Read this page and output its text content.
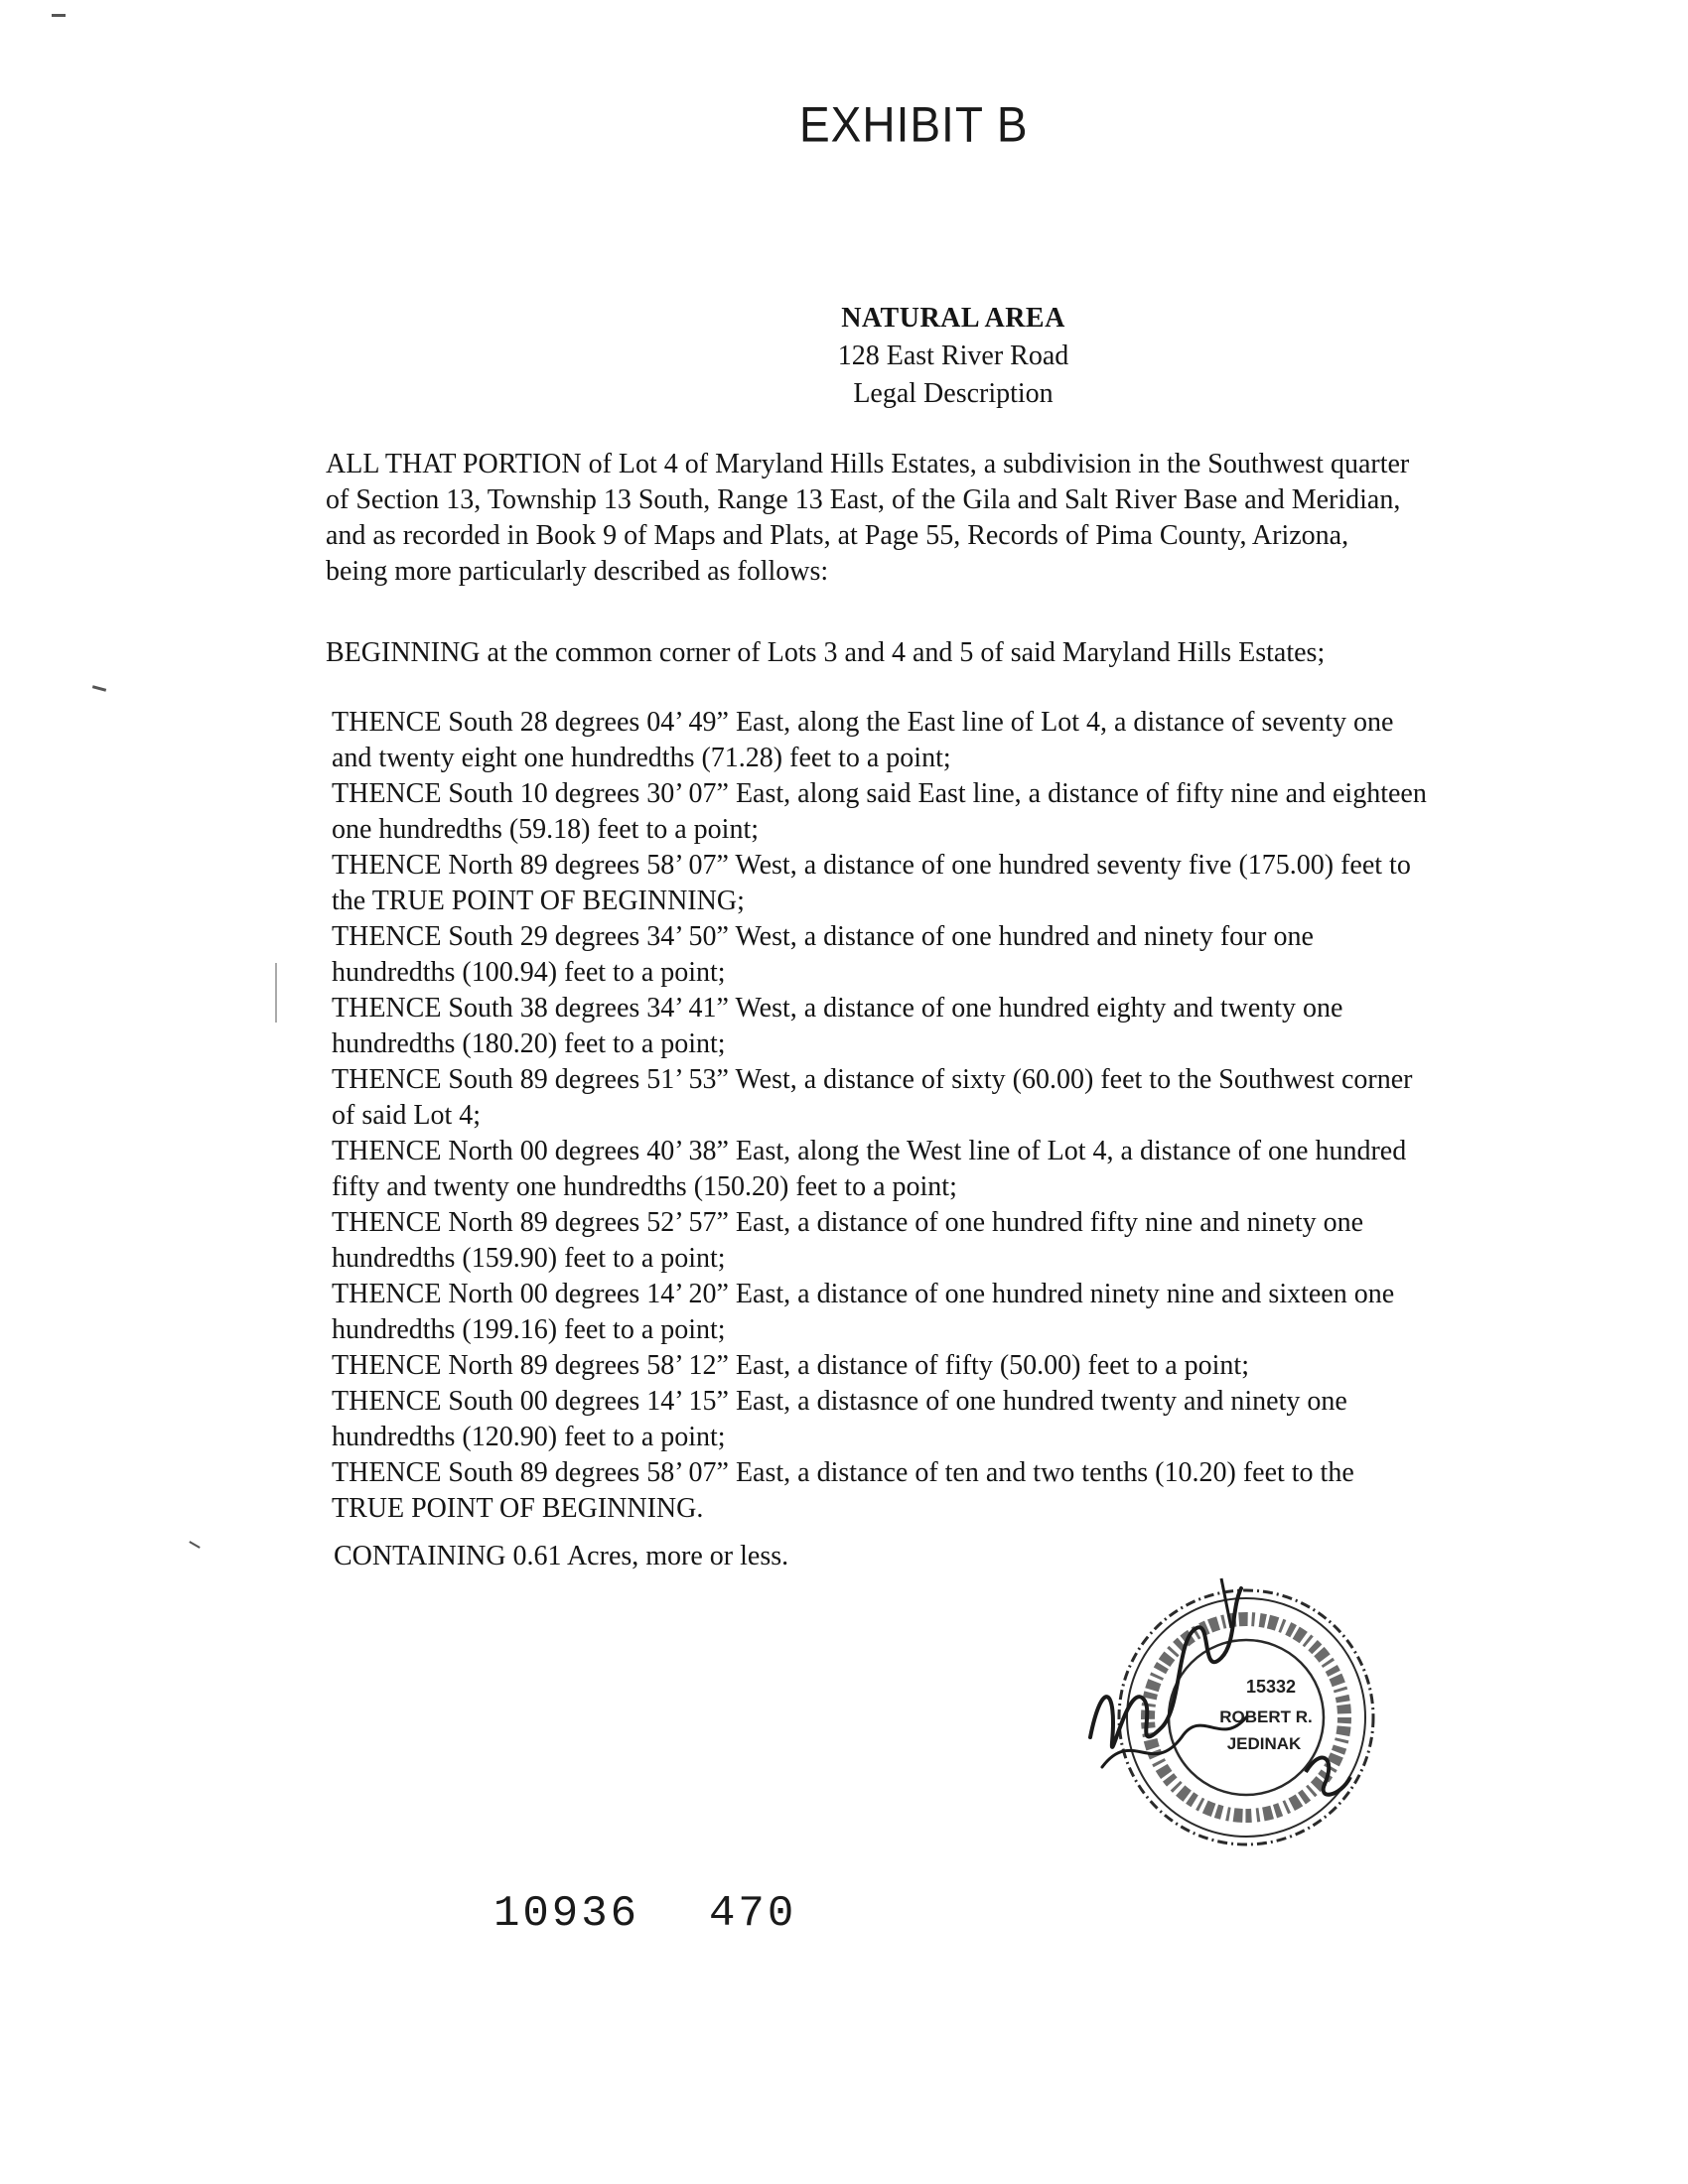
EXHIBIT B
NATURAL AREA
128 East River Road
Legal Description
ALL THAT PORTION of Lot 4 of Maryland Hills Estates, a subdivision in the Southwest quarter
of Section 13, Township 13 South, Range 13 East, of the Gila and Salt River Base and Meridian,
and as recorded in Book 9 of Maps and Plats, at Page 55, Records of Pima County, Arizona,
being more particularly described as follows:
BEGINNING at the common corner of Lots 3 and 4 and 5 of said Maryland Hills Estates;
THENCE South 28 degrees 04’ 49” East, along the East line of Lot 4, a distance of seventy one
and twenty eight one hundredths (71.28) feet to a point;
THENCE South 10 degrees 30’ 07” East, along said East line, a distance of fifty nine and eighteen
one hundredths (59.18) feet to a point;
THENCE North 89 degrees 58’ 07” West, a distance of one hundred seventy five (175.00) feet to
the TRUE POINT OF BEGINNING;
THENCE South 29 degrees 34’ 50” West, a distance of one hundred and ninety four one
hundredths (100.94) feet to a point;
THENCE South 38 degrees 34’ 41” West, a distance of one hundred eighty and twenty one
hundredths (180.20) feet to a point;
THENCE South 89 degrees 51’ 53” West, a distance of sixty (60.00) feet to the Southwest corner
of said Lot 4;
THENCE North 00 degrees 40’ 38” East, along the West line of Lot 4, a distance of one hundred
fifty and twenty one hundredths (150.20) feet to a point;
THENCE North 89 degrees 52’ 57” East, a distance of one hundred fifty nine and ninety one
hundredths (159.90) feet to a point;
THENCE North 00 degrees 14’ 20” East, a distance of one hundred ninety nine and sixteen one
hundredths (199.16) feet to a point;
THENCE North 89 degrees 58’ 12” East, a distance of fifty (50.00) feet to a point;
THENCE South 00 degrees 14’ 15” East, a distasnce of one hundred twenty and ninety one
hundredths (120.90) feet to a point;
THENCE South 89 degrees 58’ 07” East, a distance of ten and two tenths (10.20) feet to the
TRUE POINT OF BEGINNING.
CONTAINING 0.61 Acres, more or less.
15332
ROBERT R.
JEDINAK
10936 470
